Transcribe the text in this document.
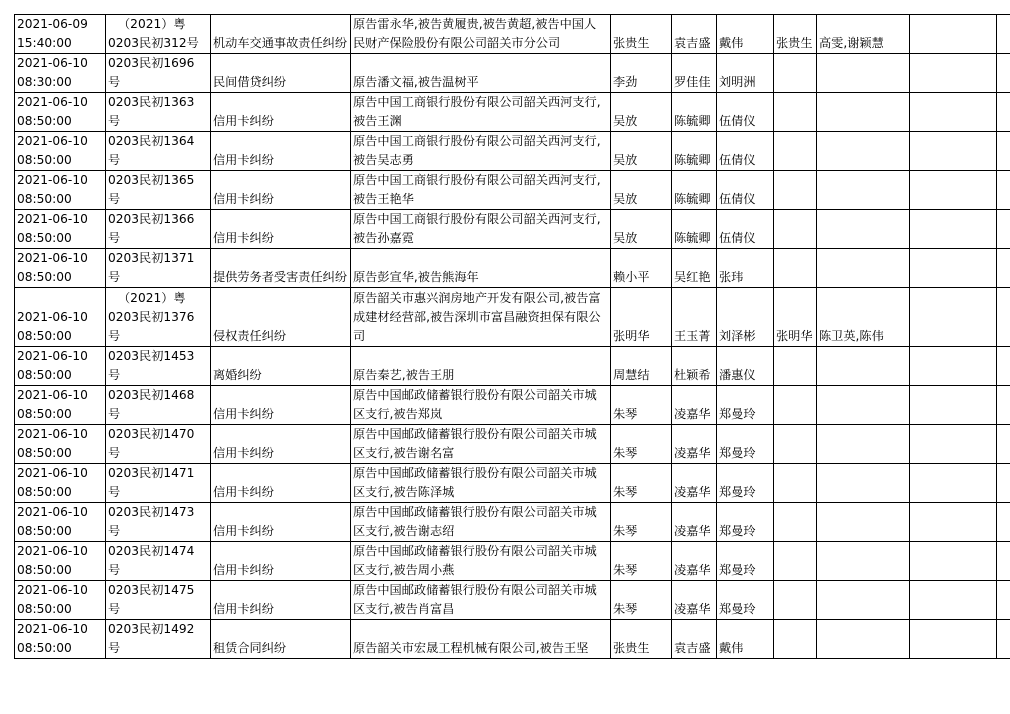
2021-06-09
15:40:00	（2021）粤
0203民初312号	机动车交通事故责任纠纷	原告雷永华,被告黄履贵,被告黄超,被告中国人民财产保险股份有限公司韶关市分公司	张贵生	袁吉盛	戴伟	张贵生	高雯,谢颖慧		

2021-06-10
08:30:00	0203民初1696
号	民间借贷纠纷	原告潘文福,被告温树平	李劲	罗佳佳	刘明洲				

2021-06-10
08:50:00	0203民初1363
号	信用卡纠纷	原告中国工商银行股份有限公司韶关西河支行,被告王渊	吴放	陈毓卿	伍倩仪				

2021-06-10
08:50:00	0203民初1364
号	信用卡纠纷	原告中国工商银行股份有限公司韶关西河支行,被告吴志勇	吴放	陈毓卿	伍倩仪				

2021-06-10
08:50:00	0203民初1365
号	信用卡纠纷	原告中国工商银行股份有限公司韶关西河支行,被告王艳华	吴放	陈毓卿	伍倩仪				

2021-06-10
08:50:00	0203民初1366
号	信用卡纠纷	原告中国工商银行股份有限公司韶关西河支行,被告孙嘉霓	吴放	陈毓卿	伍倩仪				

2021-06-10
08:50:00	0203民初1371
号	提供劳务者受害责任纠纷	原告彭宣华,被告熊海年	赖小平	吴红艳	张玮				

2021-06-10
08:50:00	（2021）粤
0203民初1376
号	侵权责任纠纷	原告韶关市惠兴润房地产开发有限公司,被告富成建材经营部,被告深圳市富昌融资担保有限公司	张明华	王玉菁	刘泽彬	张明华	陈卫英,陈伟		

2021-06-10
08:50:00	0203民初1453
号	离婚纠纷	原告秦艺,被告王朋	周慧结	杜颖希	潘惠仪				

2021-06-10
08:50:00	0203民初1468
号	信用卡纠纷	原告中国邮政储蓄银行股份有限公司韶关市城区支行,被告郑岚	朱琴	凌嘉华	郑曼玲				

2021-06-10
08:50:00	0203民初1470
号	信用卡纠纷	原告中国邮政储蓄银行股份有限公司韶关市城区支行,被告谢名富	朱琴	凌嘉华	郑曼玲				

2021-06-10
08:50:00	0203民初1471
号	信用卡纠纷	原告中国邮政储蓄银行股份有限公司韶关市城区支行,被告陈泽城	朱琴	凌嘉华	郑曼玲				

2021-06-10
08:50:00	0203民初1473
号	信用卡纠纷	原告中国邮政储蓄银行股份有限公司韶关市城区支行,被告谢志绍	朱琴	凌嘉华	郑曼玲				

2021-06-10
08:50:00	0203民初1474
号	信用卡纠纷	原告中国邮政储蓄银行股份有限公司韶关市城区支行,被告周小燕	朱琴	凌嘉华	郑曼玲				

2021-06-10
08:50:00	0203民初1475
号	信用卡纠纷	原告中国邮政储蓄银行股份有限公司韶关市城区支行,被告肖富昌	朱琴	凌嘉华	郑曼玲				

2021-06-10
08:50:00	0203民初1492
号	租赁合同纠纷	原告韶关市宏晟工程机械有限公司,被告王坚	张贵生	袁吉盛	戴伟				
